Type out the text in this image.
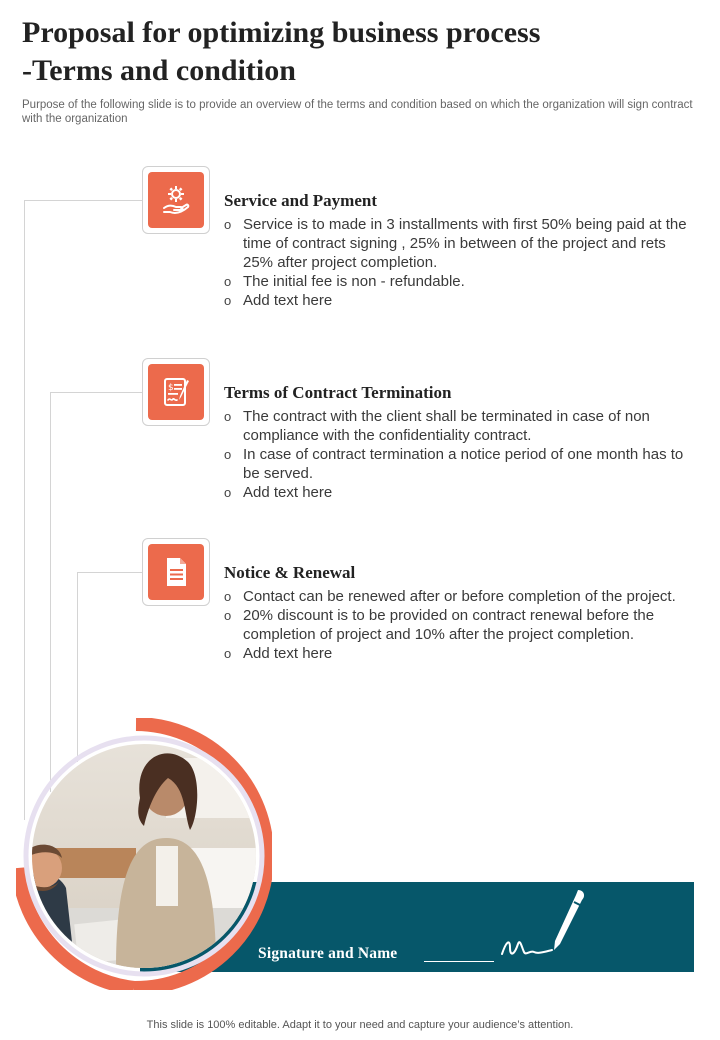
Proposal for optimizing business process
-Terms and condition

Purpose of the following slide is to provide an overview of the terms and condition based on which the organization will sign contract with the organization

Service and Payment
o Service is to made in 3 installments with first 50% being paid at the time of contract signing , 25% in between of the project and rets 25% after project completion.
o The initial fee is non - refundable.
o Add text here
$	Terms of Contract Termination
o The contract with the client shall be terminated in case of non compliance with the confidentiality contract.
o In case of contract termination a notice period of one month has to be served.
o Add text here
Notice & Renewal
o Contact can be renewed after or before completion of the project.
o 20% discount is to be provided on contract renewal before the completion of project and 10% after the project completion.
o Add text here
Signature and Name
This slide is 100% editable. Adapt it to your need and capture your audience’s attention.
